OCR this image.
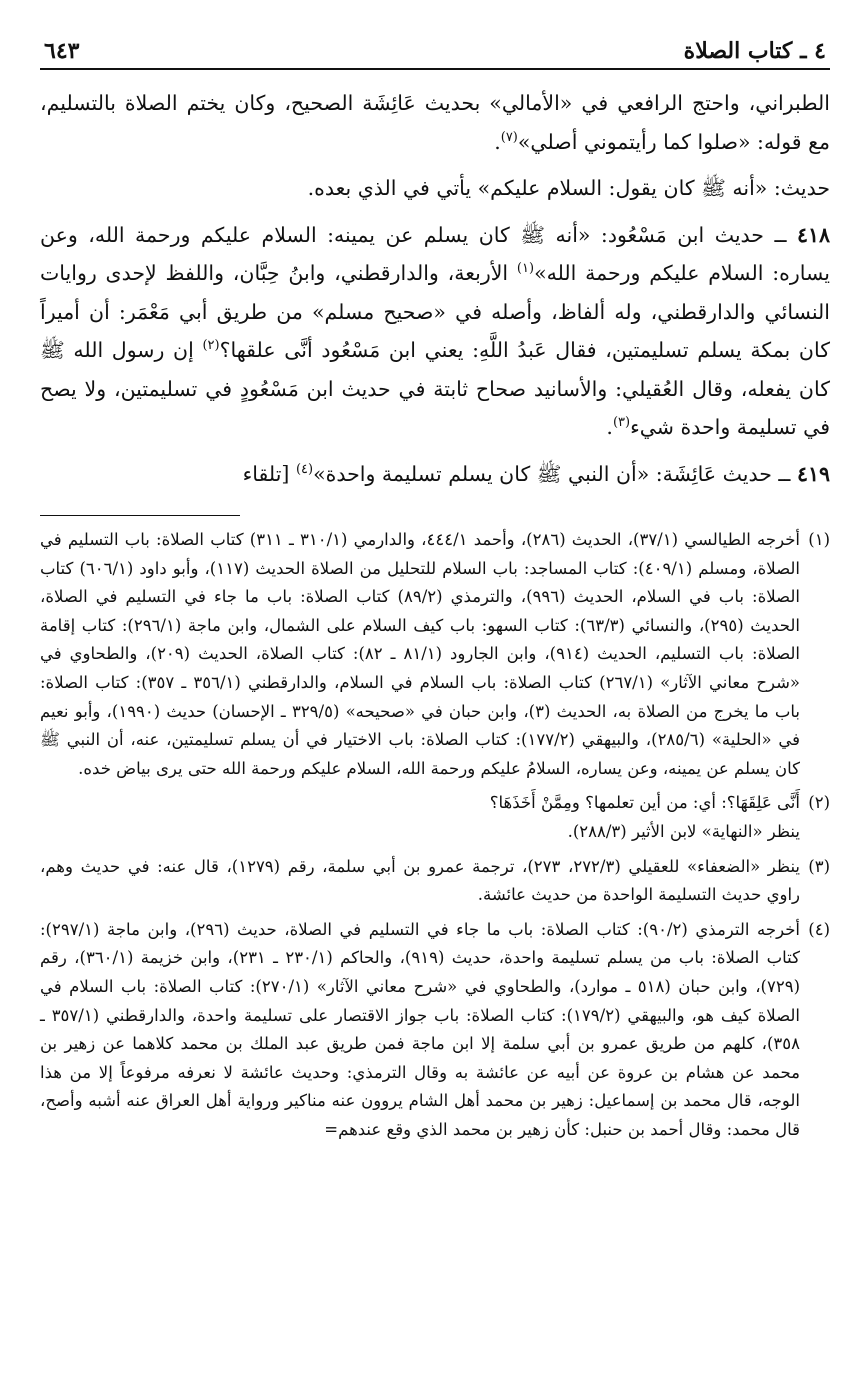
٤ ـ كتاب الصلاة
٦٤٣

الطبراني، واحتج الرافعي في «الأمالي» بحديث عَائِشَة الصحيح، وكان يختم الصلاة بالتسليم، مع قوله: «صلوا كما رأيتموني أصلي»$^{(٧)}$.

حديث: «أنه ﷺ كان يقول: السلام عليكم» يأتي في الذي بعده.

٤١٨ ــ حديث ابن مَسْعُود: «أنه ﷺ كان يسلم عن يمينه: السلام عليكم ورحمة الله، وعن يساره: السلام عليكم ورحمة الله»$^{(١)}$ الأربعة، والدارقطني، وابنُ حِبَّان، واللفظ لإحدى روايات النسائي والدارقطني، وله ألفاظ، وأصله في «صحيح مسلم» من طريق أبي مَعْمَر: أن أميراً كان بمكة يسلم تسليمتين، فقال عَبدُ اللَّهِ: يعني ابن مَسْعُود أنَّى علقها؟$^{(٢)}$ إن رسول الله ﷺ كان يفعله، وقال العُقيلي: والأسانيد صحاح ثابتة في حديث ابن مَسْعُودٍ في تسليمتين، ولا يصح في تسليمة واحدة شيء$^{(٣)}$.

٤١٩ ــ حديث عَائِشَة: «أن النبي ﷺ كان يسلم تسليمة واحدة»$^{(٤)}$ [تلقاء

(١)

أخرجه الطيالسي (٣٧/١)، الحديث (٢٨٦)، وأحمد ٤٤٤/١، والدارمي (٣١٠/١ ـ ٣١١) كتاب الصلاة: باب التسليم في الصلاة، ومسلم (٤٠٩/١): كتاب المساجد: باب السلام للتحليل من الصلاة الحديث (١١٧)، وأبو داود (٦٠٦/١) كتاب الصلاة: باب في السلام، الحديث (٩٩٦)، والترمذي (٨٩/٢) كتاب الصلاة: باب ما جاء في التسليم في الصلاة، الحديث (٢٩٥)، والنسائي (٦٣/٣): كتاب السهو: باب كيف السلام على الشمال، وابن ماجة (٢٩٦/١): كتاب إقامة الصلاة: باب التسليم، الحديث (٩١٤)، وابن الجارود (٨١/١ ـ ٨٢): كتاب الصلاة، الحديث (٢٠٩)، والطحاوي في «شرح معاني الآثار» (٢٦٧/١) كتاب الصلاة: باب السلام في السلام، والدارقطني (٣٥٦/١ ـ ٣٥٧): كتاب الصلاة: باب ما يخرج من الصلاة به، الحديث (٣)، وابن حبان في «صحيحه» (٣٢٩/٥ ـ الإحسان) حديث (١٩٩٠)، وأبو نعيم في «الحلية» (٢٨٥/٦)، والبيهقي (١٧٧/٢): كتاب الصلاة: باب الاختيار في أن يسلم تسليمتين، عنه، أن النبي ﷺ كان يسلم عن يمينه، وعن يساره، السلامُ عليكم ورحمة الله، السلام عليكم ورحمة الله حتى يرى بياض خده.

(٢)

أَنَّى عَلِقَهَا؟: أي: من أين تعلمها؟ ومِمَّنْ أَخَذَهَا؟

ينظر «النهاية» لابن الأثير (٢٨٨/٣).

(٣)

ينظر «الضعفاء» للعقيلي (٢٧٢/٣، ٢٧٣)، ترجمة عمرو بن أبي سلمة، رقم (١٢٧٩)، قال عنه: في حديث وهم، راوي حديث التسليمة الواحدة من حديث عائشة.

(٤)

أخرجه الترمذي (٩٠/٢): كتاب الصلاة: باب ما جاء في التسليم في الصلاة، حديث (٢٩٦)، وابن ماجة (٢٩٧/١): كتاب الصلاة: باب من يسلم تسليمة واحدة، حديث (٩١٩)، والحاكم (٢٣٠/١ ـ ٢٣١)، وابن خزيمة (٣٦٠/١)، رقم (٧٢٩)، وابن حبان (٥١٨ ـ موارد)، والطحاوي في «شرح معاني الآثار» (٢٧٠/١): كتاب الصلاة: باب السلام في الصلاة كيف هو، والبيهقي (١٧٩/٢): كتاب الصلاة: باب جواز الاقتصار على تسليمة واحدة، والدارقطني (٣٥٧/١ ـ ٣٥٨)، كلهم من طريق عمرو بن أبي سلمة إلا ابن ماجة فمن طريق عبد الملك بن محمد كلاهما عن زهير بن محمد عن هشام بن عروة عن أبيه عن عائشة به وقال الترمذي: وحديث عائشة لا نعرفه مرفوعاً إلا من هذا الوجه، قال محمد بن إسماعيل: زهير بن محمد أهل الشام يروون عنه مناكير ورواية أهل العراق عنه أشبه وأصح، قال محمد: وقال أحمد بن حنبل: كأن زهير بن محمد الذي وقع عندهم=
